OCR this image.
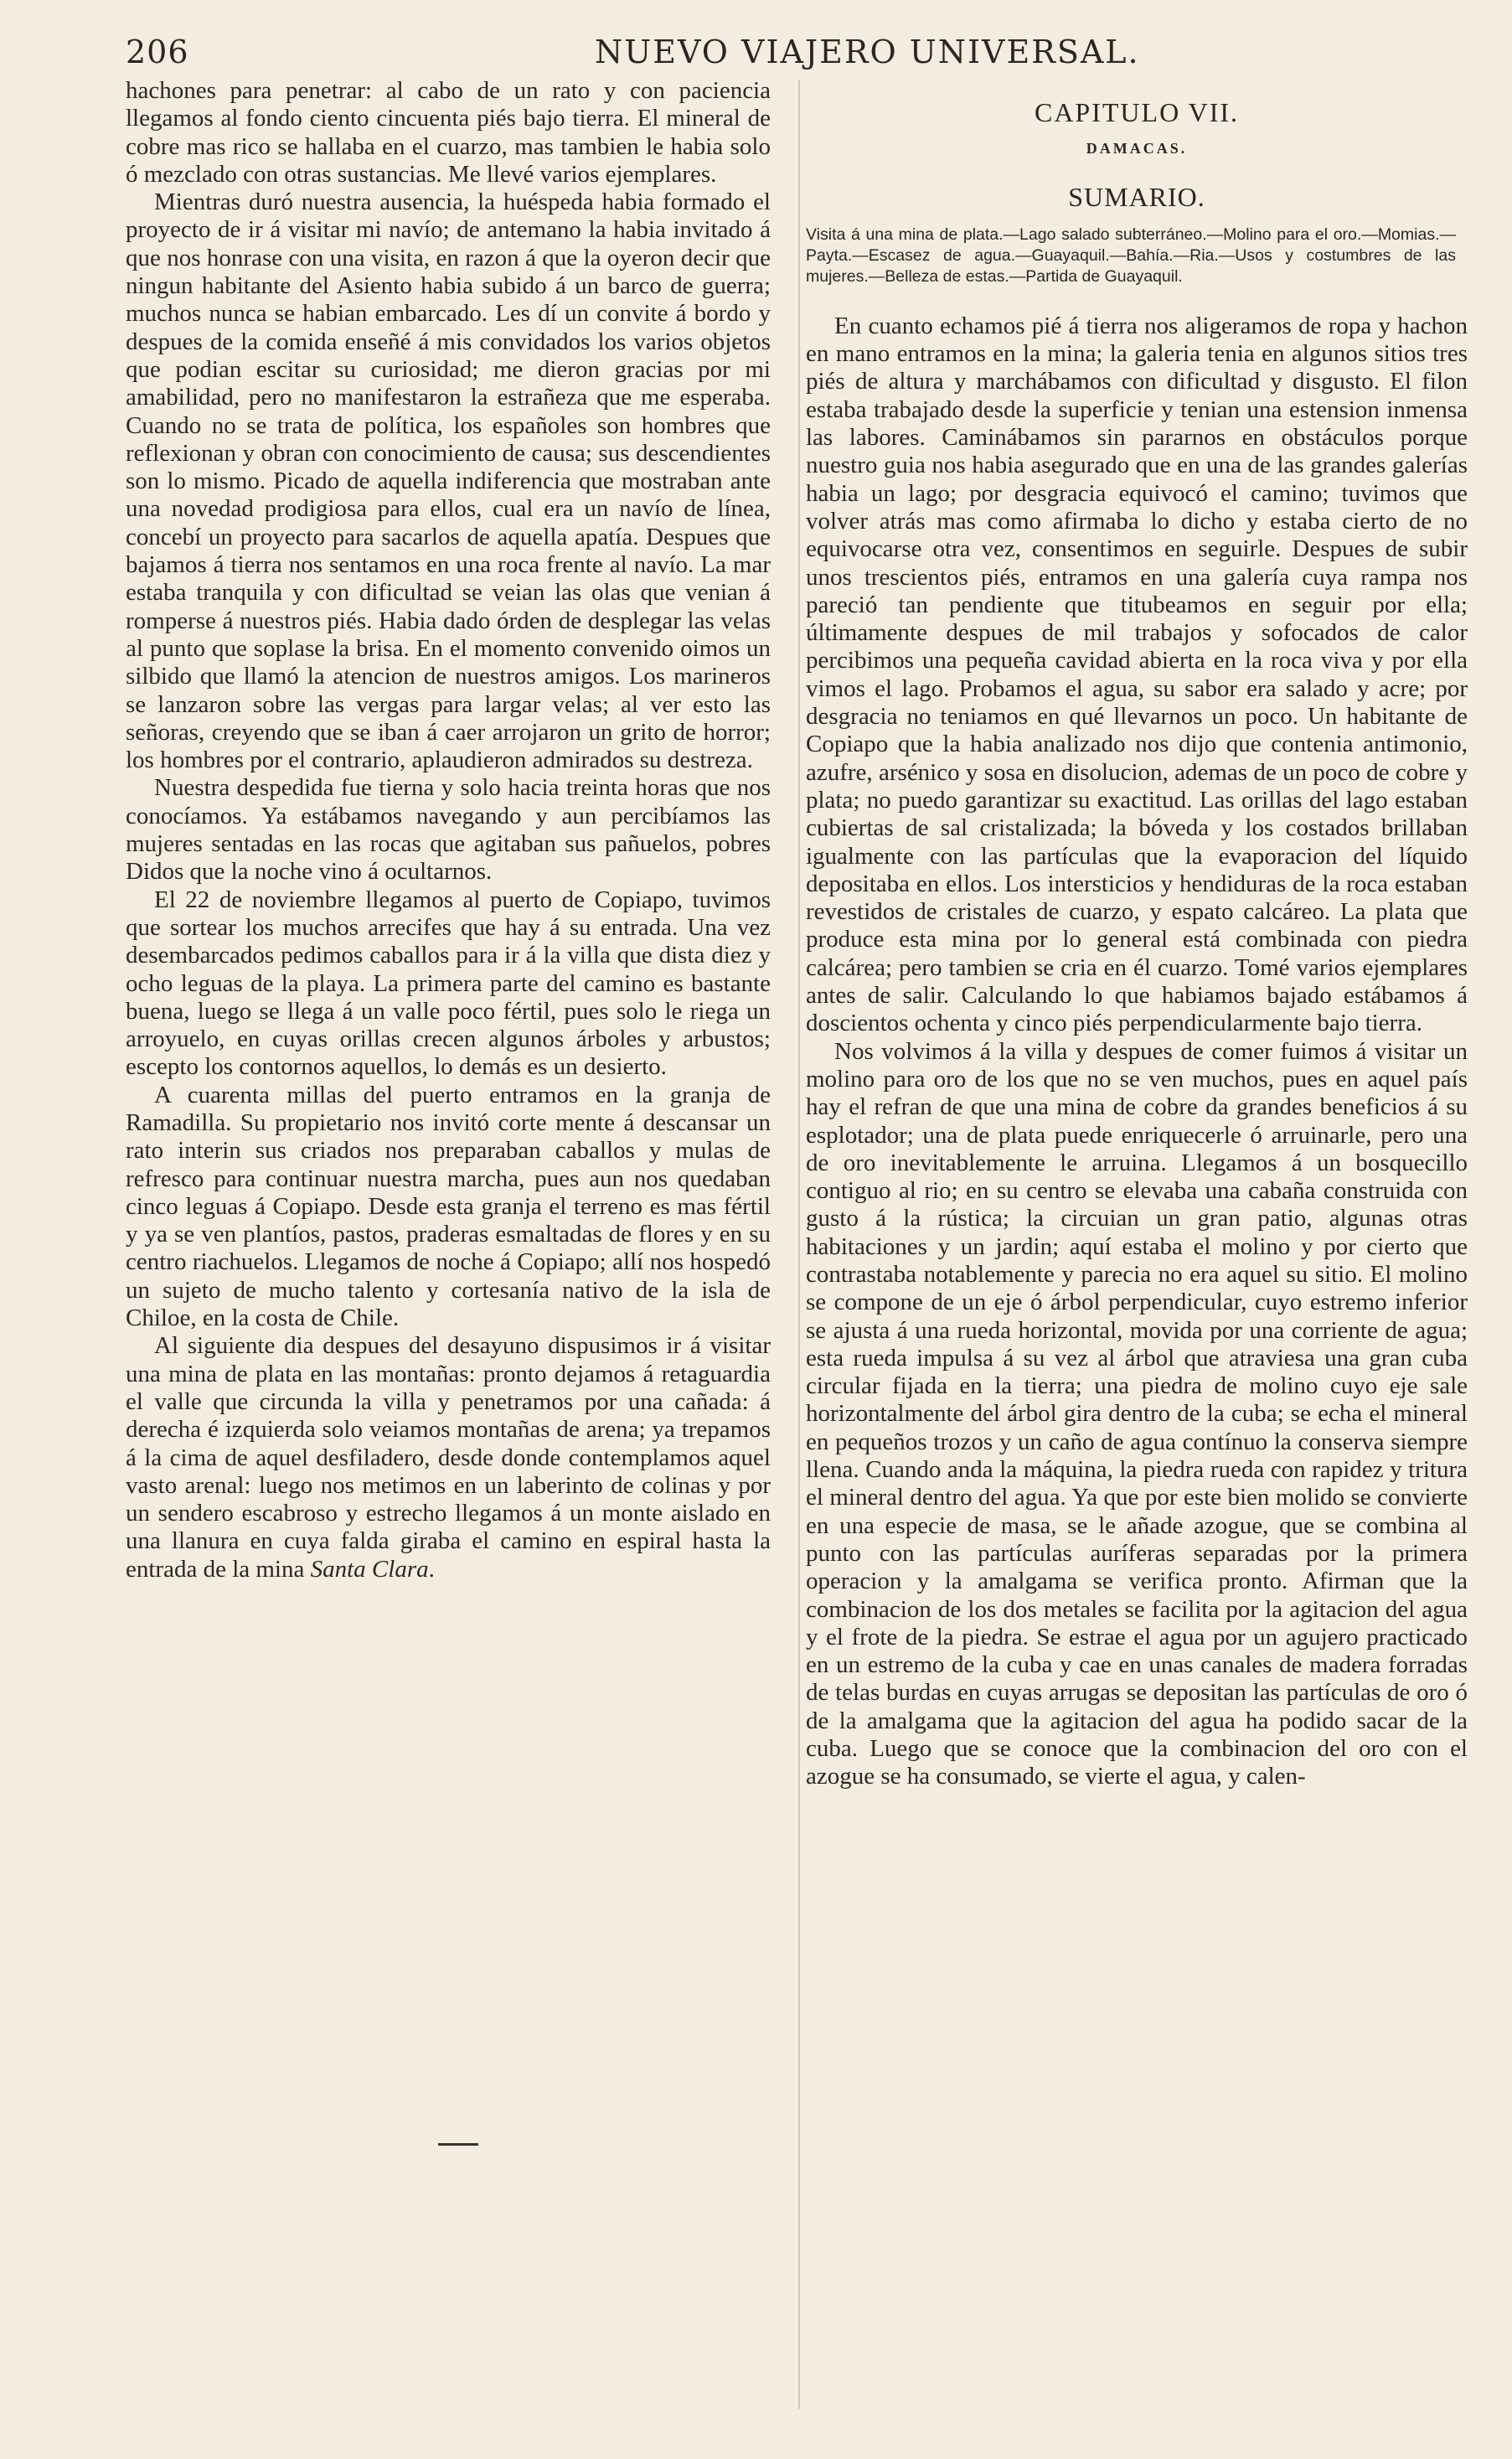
206	NUEVO VIAJERO UNIVERSAL.

hachones para penetrar: al cabo de un rato y con paciencia llegamos al fondo ciento cincuenta piés bajo tierra. El mineral de cobre mas rico se hallaba en el cuarzo, mas tambien le habia solo ó mezclado con otras sustancias. Me llevé varios ejemplares.

Mientras duró nuestra ausencia, la huéspeda habia formado el proyecto de ir á visitar mi navío; de antemano la habia invitado á que nos honrase con una visita, en razon á que la oyeron decir que ningun habitante del Asiento habia subido á un barco de guerra; muchos nunca se habian embarcado. Les dí un convite á bordo y despues de la comida enseñé á mis convidados los varios objetos que podian escitar su curiosidad; me dieron gracias por mi amabilidad, pero no manifestaron la estrañeza que me esperaba. Cuando no se trata de política, los españoles son hombres que reflexionan y obran con conocimiento de causa; sus descendientes son lo mismo. Picado de aquella indiferencia que mostraban ante una novedad prodigiosa para ellos, cual era un navío de línea, concebí un proyecto para sacarlos de aquella apatía. Despues que bajamos á tierra nos sentamos en una roca frente al navío. La mar estaba tranquila y con dificultad se veian las olas que venian á romperse á nuestros piés. Habia dado órden de desplegar las velas al punto que soplase la brisa. En el momento convenido oimos un silbido que llamó la atencion de nuestros amigos. Los marineros se lanzaron sobre las vergas para largar velas; al ver esto las señoras, creyendo que se iban á caer arrojaron un grito de horror; los hombres por el contrario, aplaudieron admirados su destreza.

Nuestra despedida fue tierna y solo hacia treinta horas que nos conocíamos. Ya estábamos navegando y aun percibíamos las mujeres sentadas en las rocas que agitaban sus pañuelos, pobres Didos que la noche vino á ocultarnos.

El 22 de noviembre llegamos al puerto de Copiapo, tuvimos que sortear los muchos arrecifes que hay á su entrada. Una vez desembarcados pedimos caballos para ir á la villa que dista diez y ocho leguas de la playa. La primera parte del camino es bastante buena, luego se llega á un valle poco fértil, pues solo le riega un arroyuelo, en cuyas orillas crecen algunos árboles y arbustos; escepto los contornos aquellos, lo demás es un desierto.

A cuarenta millas del puerto entramos en la granja de Ramadilla. Su propietario nos invitó corte mente á descansar un rato interin sus criados nos preparaban caballos y mulas de refresco para continuar nuestra marcha, pues aun nos quedaban cinco leguas á Copiapo. Desde esta granja el terreno es mas fértil y ya se ven plantíos, pastos, praderas esmaltadas de flores y en su centro riachuelos. Llegamos de noche á Copiapo; allí nos hospedó un sujeto de mucho talento y cortesanía nativo de la isla de Chiloe, en la costa de Chile.

Al siguiente dia despues del desayuno dispusimos ir á visitar una mina de plata en las montañas: pronto dejamos á retaguardia el valle que circunda la villa y penetramos por una cañada: á derecha é izquierda solo veiamos montañas de arena; ya trepamos á la cima de aquel desfiladero, desde donde contemplamos aquel vasto arenal: luego nos metimos en un laberinto de colinas y por un sendero escabroso y estrecho llegamos á un monte aislado en una llanura en cuya falda giraba el camino en espiral hasta la entrada de la mina Santa Clara.

CAPITULO VII.
DAMACAS.
SUMARIO.
Visita á una mina de plata.—Lago salado subterráneo.—Molino para el oro.—Momias.—Payta.—Escasez de agua.—Guayaquil.—Bahía.—Ria.—Usos y costumbres de las mujeres.—Belleza de estas.—Partida de Guayaquil.

En cuanto echamos pié á tierra nos aligeramos de ropa y hachon en mano entramos en la mina; la galeria tenia en algunos sitios tres piés de altura y marchábamos con dificultad y disgusto. El filon estaba trabajado desde la superficie y tenian una estension inmensa las labores. Caminábamos sin pararnos en obstáculos porque nuestro guia nos habia asegurado que en una de las grandes galerías habia un lago; por desgracia equivocó el camino; tuvimos que volver atrás mas como afirmaba lo dicho y estaba cierto de no equivocarse otra vez, consentimos en seguirle. Despues de subir unos trescientos piés, entramos en una galería cuya rampa nos pareció tan pendiente que titubeamos en seguir por ella; últimamente despues de mil trabajos y sofocados de calor percibimos una pequeña cavidad abierta en la roca viva y por ella vimos el lago. Probamos el agua, su sabor era salado y acre; por desgracia no teniamos en qué llevarnos un poco. Un habitante de Copiapo que la habia analizado nos dijo que contenia antimonio, azufre, arsénico y sosa en disolucion, ademas de un poco de cobre y plata; no puedo garantizar su exactitud. Las orillas del lago estaban cubiertas de sal cristalizada; la bóveda y los costados brillaban igualmente con las partículas que la evaporacion del líquido depositaba en ellos. Los intersticios y hendiduras de la roca estaban revestidos de cristales de cuarzo, y espato calcáreo. La plata que produce esta mina por lo general está combinada con piedra calcárea; pero tambien se cria en él cuarzo. Tomé varios ejemplares antes de salir. Calculando lo que habiamos bajado estábamos á doscientos ochenta y cinco piés perpendicularmente bajo tierra.

Nos volvimos á la villa y despues de comer fuimos á visitar un molino para oro de los que no se ven muchos, pues en aquel país hay el refran de que una mina de cobre da grandes beneficios á su esplotador; una de plata puede enriquecerle ó arruinarle, pero una de oro inevitablemente le arruina. Llegamos á un bosquecillo contiguo al rio; en su centro se elevaba una cabaña construida con gusto á la rústica; la circuian un gran patio, algunas otras habitaciones y un jardin; aquí estaba el molino y por cierto que contrastaba notablemente y parecia no era aquel su sitio. El molino se compone de un eje ó árbol perpendicular, cuyo estremo inferior se ajusta á una rueda horizontal, movida por una corriente de agua; esta rueda impulsa á su vez al árbol que atraviesa una gran cuba circular fijada en la tierra; una piedra de molino cuyo eje sale horizontalmente del árbol gira dentro de la cuba; se echa el mineral en pequeños trozos y un caño de agua contínuo la conserva siempre llena. Cuando anda la máquina, la piedra rueda con rapidez y tritura el mineral dentro del agua. Ya que por este bien molido se convierte en una especie de masa, se le añade azogue, que se combina al punto con las partículas auríferas separadas por la primera operacion y la amalgama se verifica pronto. Afirman que la combinacion de los dos metales se facilita por la agitacion del agua y el frote de la piedra. Se estrae el agua por un agujero practicado en un estremo de la cuba y cae en unas canales de madera forradas de telas burdas en cuyas arrugas se depositan las partículas de oro ó de la amalgama que la agitacion del agua ha podido sacar de la cuba. Luego que se conoce que la combinacion del oro con el azogue se ha consumado, se vierte el agua, y calen-
